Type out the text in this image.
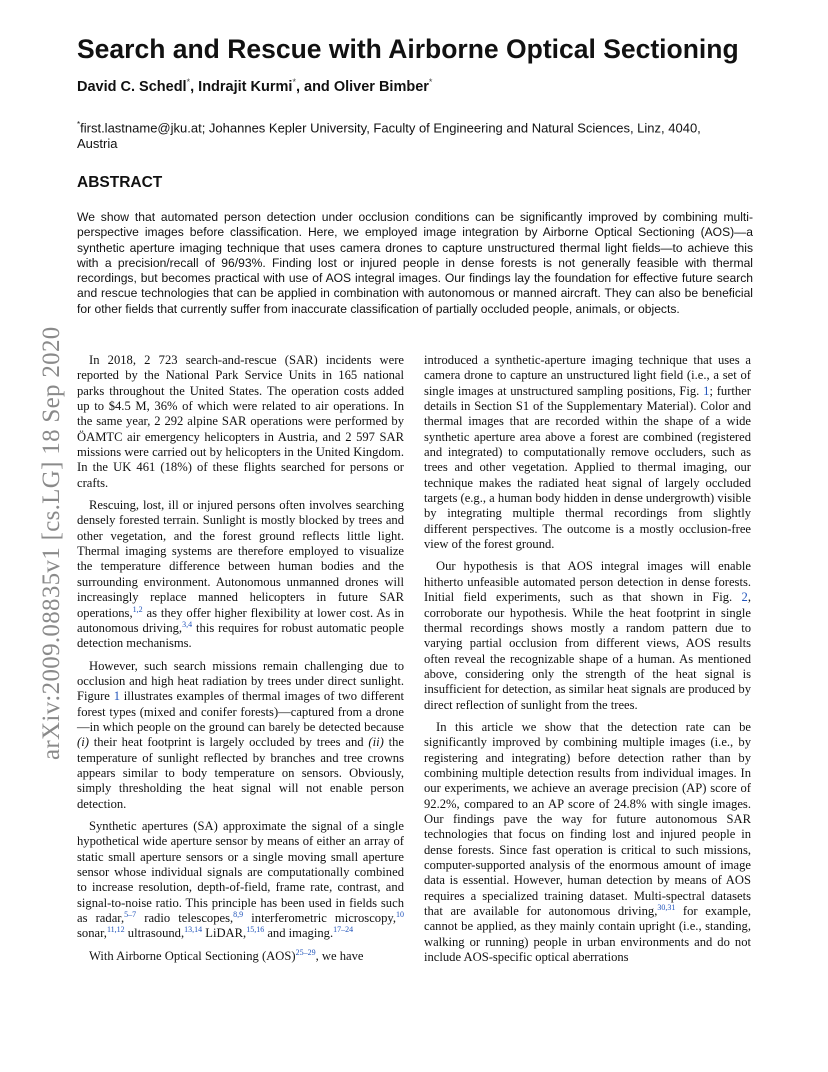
arXiv:2009.08835v1 [cs.LG] 18 Sep 2020
Search and Rescue with Airborne Optical Sectioning
David C. Schedl*, Indrajit Kurmi*, and Oliver Bimber*
*first.lastname@jku.at; Johannes Kepler University, Faculty of Engineering and Natural Sciences, Linz, 4040, Austria
ABSTRACT
We show that automated person detection under occlusion conditions can be significantly improved by combining multi-perspective images before classification. Here, we employed image integration by Airborne Optical Sectioning (AOS)—a synthetic aperture imaging technique that uses camera drones to capture unstructured thermal light fields—to achieve this with a precision/recall of 96/93%. Finding lost or injured people in dense forests is not generally feasible with thermal recordings, but becomes practical with use of AOS integral images. Our findings lay the foundation for effective future search and rescue technologies that can be applied in combination with autonomous or manned aircraft. They can also be beneficial for other fields that currently suffer from inaccurate classification of partially occluded people, animals, or objects.

In 2018, 2 723 search-and-rescue (SAR) incidents were reported by the National Park Service Units in 165 national parks throughout the United States. The operation costs added up to $4.5 M, 36% of which were related to air operations. In the same year, 2 292 alpine SAR operations were performed by ÖAMTC air emergency helicopters in Austria, and 2 597 SAR missions were carried out by helicopters in the United Kingdom. In the UK 461 (18%) of these flights searched for persons or crafts.

Rescuing, lost, ill or injured persons often involves searching densely forested terrain. Sunlight is mostly blocked by trees and other vegetation, and the forest ground reflects little light. Thermal imaging systems are therefore employed to visualize the temperature difference between human bodies and the surrounding environment. Autonomous unmanned drones will increasingly replace manned helicopters in future SAR operations,$^{1,2}$ as they offer higher flexibility at lower cost. As in autonomous driving,$^{3,4}$ this requires for robust automatic people detection mechanisms.

However, such search missions remain challenging due to occlusion and high heat radiation by trees under direct sunlight. Figure 1 illustrates examples of thermal images of two different forest types (mixed and conifer forests)—captured from a drone—in which people on the ground can barely be detected because (i) their heat footprint is largely occluded by trees and (ii) the temperature of sunlight reflected by branches and tree crowns appears similar to body temperature on sensors. Obviously, simply thresholding the heat signal will not enable person detection.

Synthetic apertures (SA) approximate the signal of a single hypothetical wide aperture sensor by means of either an array of static small aperture sensors or a single moving small aperture sensor whose individual signals are computationally combined to increase resolution, depth-of-field, frame rate, contrast, and signal-to-noise ratio. This principle has been used in fields such as radar,$^{5-7}$ radio telescopes,$^{8,9}$ interferometric microscopy,$^{10}$ sonar,$^{11,12}$ ultrasound,$^{13,14}$ LiDAR,$^{15,16}$ and imaging.$^{17-24}$

With Airborne Optical Sectioning (AOS)$^{25-29}$, we have

introduced a synthetic-aperture imaging technique that uses a camera drone to capture an unstructured light field (i.e., a set of single images at unstructured sampling positions, Fig. 1; further details in Section S1 of the Supplementary Material). Color and thermal images that are recorded within the shape of a wide synthetic aperture area above a forest are combined (registered and integrated) to computationally remove occluders, such as trees and other vegetation. Applied to thermal imaging, our technique makes the radiated heat signal of largely occluded targets (e.g., a human body hidden in dense undergrowth) visible by integrating multiple thermal recordings from slightly different perspectives. The outcome is a mostly occlusion-free view of the forest ground.

Our hypothesis is that AOS integral images will enable hitherto unfeasible automated person detection in dense forests. Initial field experiments, such as that shown in Fig. 2, corroborate our hypothesis. While the heat footprint in single thermal recordings shows mostly a random pattern due to varying partial occlusion from different views, AOS results often reveal the recognizable shape of a human. As mentioned above, considering only the strength of the heat signal is insufficient for detection, as similar heat signals are produced by direct reflection of sunlight from the trees.

In this article we show that the detection rate can be significantly improved by combining multiple images (i.e., by registering and integrating) before detection rather than by combining multiple detection results from individual images. In our experiments, we achieve an average precision (AP) score of 92.2%, compared to an AP score of 24.8% with single images. Our findings pave the way for future autonomous SAR technologies that focus on finding lost and injured people in dense forests. Since fast operation is critical to such missions, computer-supported analysis of the enormous amount of image data is essential. However, human detection by means of AOS requires a specialized training dataset. Multi-spectral datasets that are available for autonomous driving,$^{30,31}$ for example, cannot be applied, as they mainly contain upright (i.e., standing, walking or running) people in urban environments and do not include AOS-specific optical aberrations
